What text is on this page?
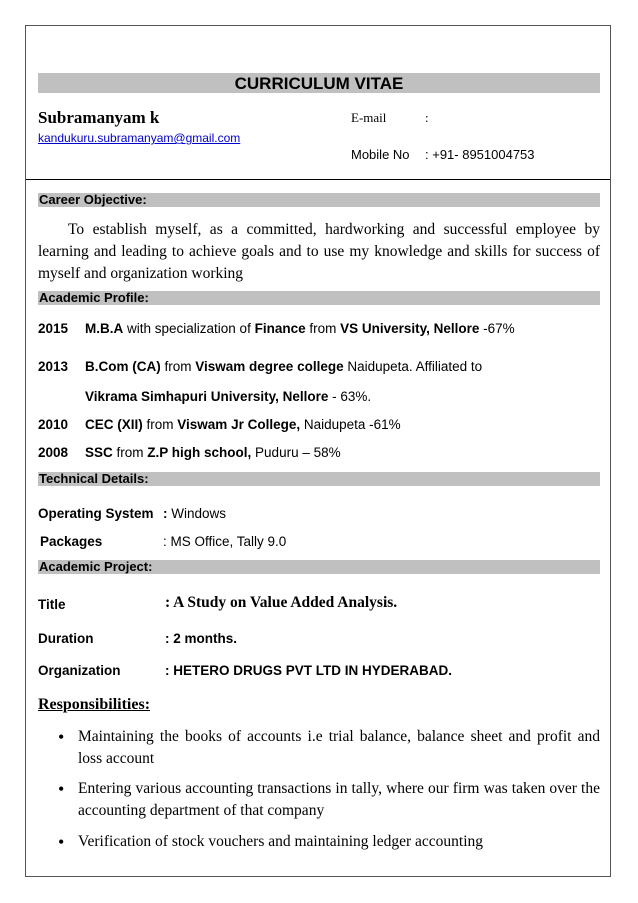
CURRICULUM VITAE
Subramanyam k
kandukuru.subramanyam@gmail.com
E-mail	:
Mobile No : +91- 8951004753
Career Objective:
To establish myself, as a committed, hardworking and successful employee by learning and leading to achieve goals and to use my knowledge and skills for success of myself and organization working
Academic Profile:
2015 M.B.A with specialization of Finance from VS University, Nellore -67%
2013 B.Com (CA) from Viswam degree college Naidupeta. Affiliated to
Vikrama Simhapuri University, Nellore - 63%.
2010 CEC (XII) from Viswam Jr College, Naidupeta -61%
2008 SSC from Z.P high school, Puduru – 58%
Technical Details:
Operating System : Windows
Packages	: MS Office, Tally 9.0
Academic Project:
Title	: A Study on Value Added Analysis.
Duration	: 2 months.
Organization	: HETERO DRUGS PVT LTD IN HYDERABAD.
Responsibilities:

• Maintaining the books of accounts i.e trial balance, balance sheet and profit and loss account

• Entering various accounting transactions in tally, where our firm was taken over the accounting department of that company

• Verification of stock vouchers and maintaining ledger accounting
